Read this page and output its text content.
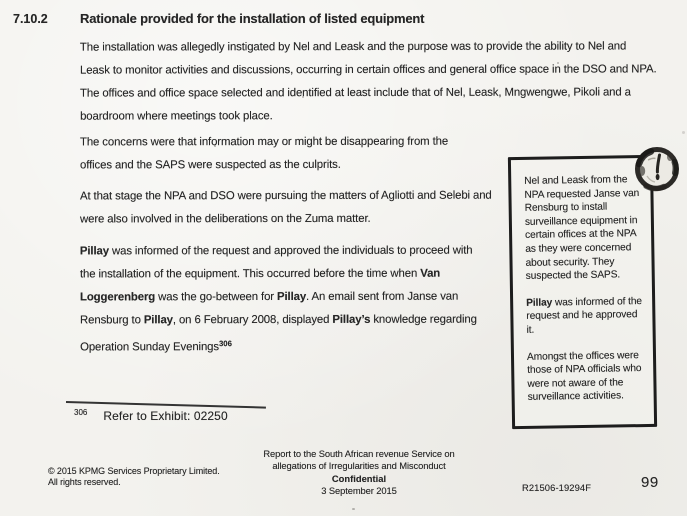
7.10.2 Rationale provided for the installation of listed equipment

The installation was allegedly instigated by Nel and Leask and the purpose was to provide the ability to Nel and Leask to monitor activities and discussions, occurring in certain offices and general office space in the DSO and NPA. The offices and office space selected and identified at least include that of Nel, Leask, Mngwengwe, Pikoli and a boardroom where meetings took place.

The concerns were that information may or might be disappearing from the offices and the SAPS were suspected as the culprits.

At that stage the NPA and DSO were pursuing the matters of Agliotti and Selebi and were also involved in the deliberations on the Zuma matter.

Pillay was informed of the request and approved the individuals to proceed with the installation of the equipment. This occurred before the time when Van Loggerenberg was the go-between for Pillay. An email sent from Janse van Rensburg to Pillay, on 6 February 2008, displayed Pillay’s knowledge regarding Operation Sunday Evenings$^{306}$

Nel and Leask from the NPA requested Janse van Rensburg to install surveillance equipment in certain offices at the NPA as they were concerned about security. They suspected the SAPS.

Pillay was informed of the request and he approved it.

Amongst the offices were those of NPA officials who were not aware of the surveillance activities.

$^{306}$ Refer to Exhibit: 02250
© 2015 KPMG Services Proprietary Limited.
All rights reserved.
Report to the South African revenue Service on
allegations of Irregularities and Misconduct
Confidential
3 September 2015	R21506-19294F	99
